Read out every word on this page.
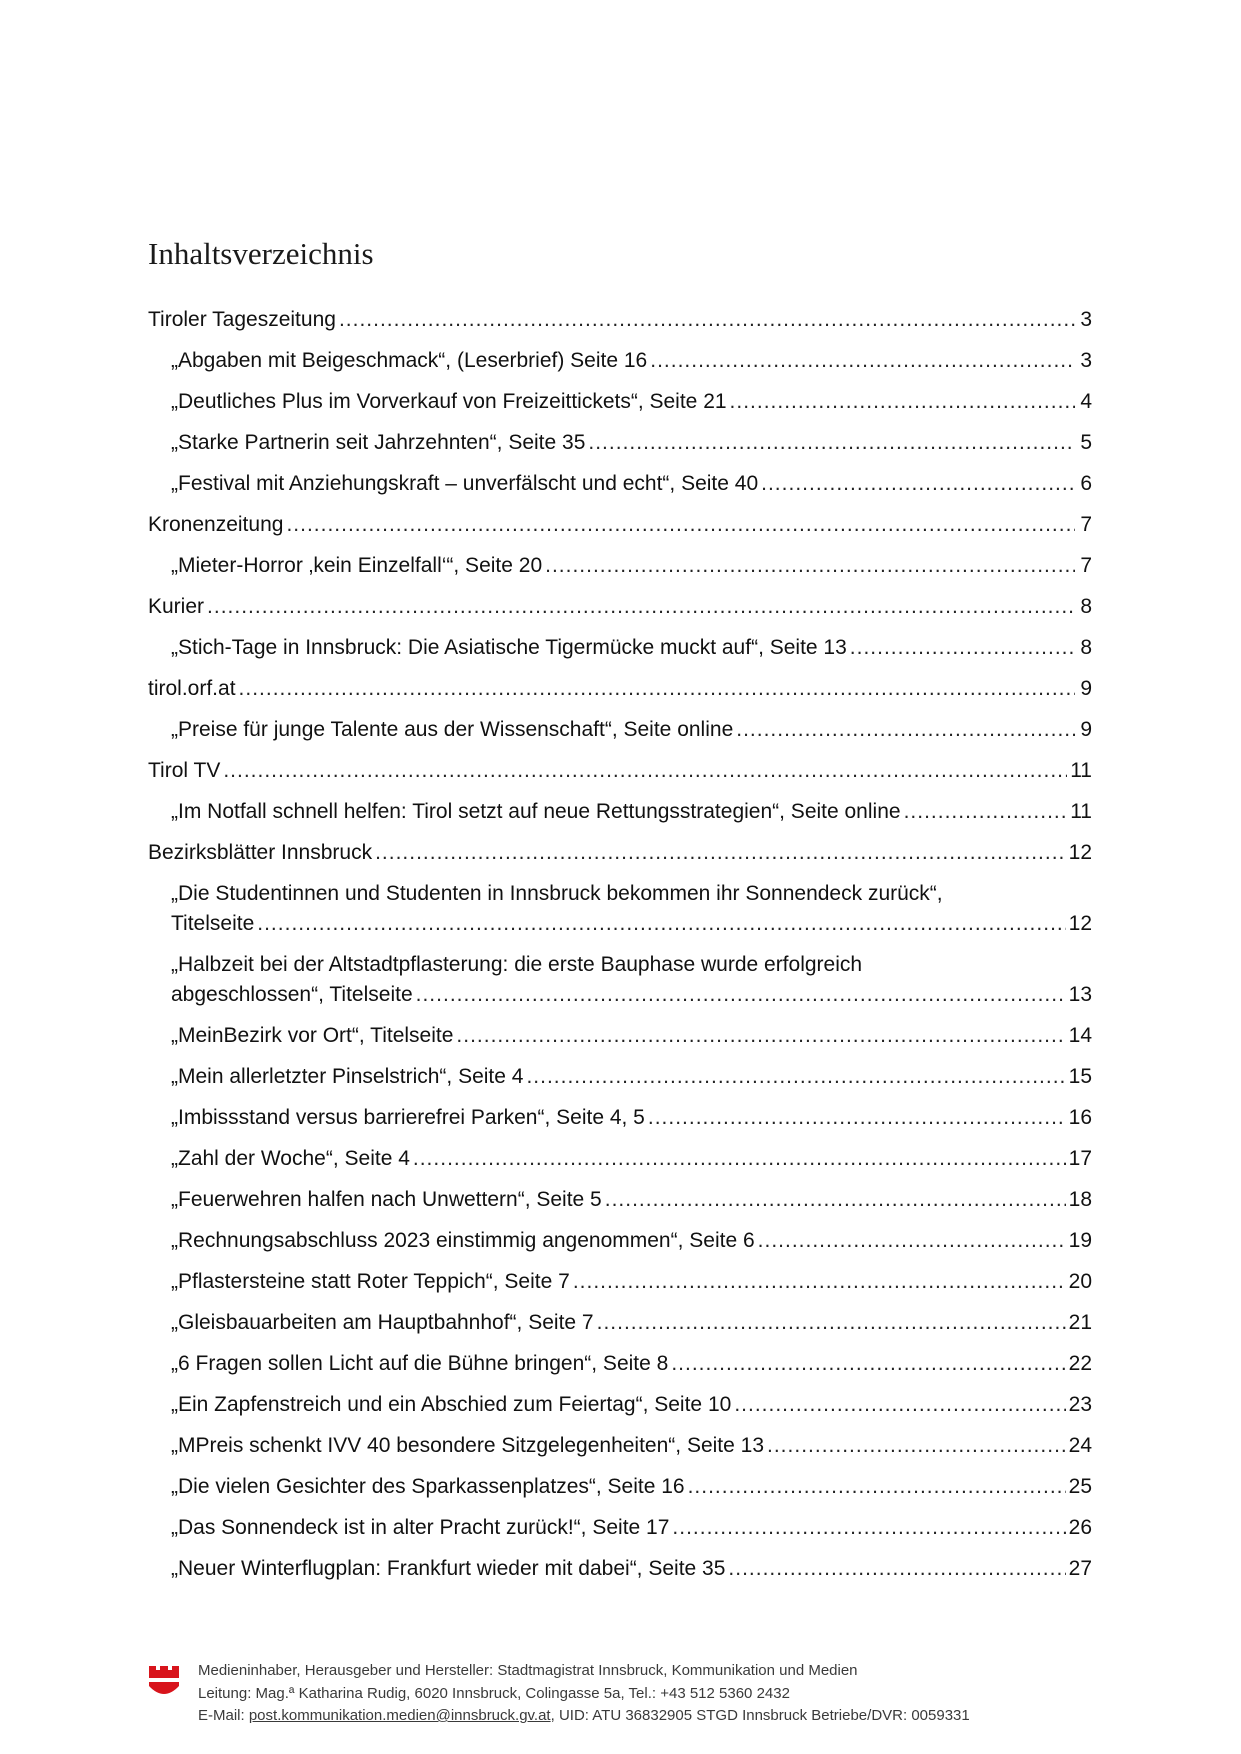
Inhaltsverzeichnis
Tiroler Tageszeitung .....	3
„Abgaben mit Beigeschmack“, (Leserbrief) Seite 16 .....	3
„Deutliches Plus im Vorverkauf von Freizeittickets“, Seite 21 .....	4
„Starke Partnerin seit Jahrzehnten“, Seite 35 .....	5
„Festival mit Anziehungskraft – unverfälscht und echt“, Seite 40 .....	6
Kronenzeitung .....	7
„Mieter-Horror ‚kein Einzelfall‘“, Seite 20 .....	7
Kurier .....	8
„Stich-Tage in Innsbruck: Die Asiatische Tigermücke muckt auf“, Seite 13 .....	8
tirol.orf.at .....	9
„Preise für junge Talente aus der Wissenschaft“, Seite online .....	9
Tirol TV .....	11
„Im Notfall schnell helfen: Tirol setzt auf neue Rettungsstrategien“, Seite online .....	11
Bezirksblätter Innsbruck .....	12
„Die Studentinnen und Studenten in Innsbruck bekommen ihr Sonnendeck zurück“,
Titelseite .....	12
„Halbzeit bei der Altstadtpflasterung: die erste Bauphase wurde erfolgreich
abgeschlossen“, Titelseite .....	13
„MeinBezirk vor Ort“, Titelseite .....	14
„Mein allerletzter Pinselstrich“, Seite 4 .....	15
„Imbissstand versus barrierefrei Parken“, Seite 4, 5 .....	16
„Zahl der Woche“, Seite 4 .....	17
„Feuerwehren halfen nach Unwettern“, Seite 5 .....	18
„Rechnungsabschluss 2023 einstimmig angenommen“, Seite 6 .....	19
„Pflastersteine statt Roter Teppich“, Seite 7 .....	20
„Gleisbauarbeiten am Hauptbahnhof“, Seite 7 .....	21
„6 Fragen sollen Licht auf die Bühne bringen“, Seite 8 .....	22
„Ein Zapfenstreich und ein Abschied zum Feiertag“, Seite 10 .....	23
„MPreis schenkt IVV 40 besondere Sitzgelegenheiten“, Seite 13 .....	24
„Die vielen Gesichter des Sparkassenplatzes“, Seite 16 .....	25
„Das Sonnendeck ist in alter Pracht zurück!“, Seite 17 .....	26
„Neuer Winterflugplan: Frankfurt wieder mit dabei“, Seite 35 .....	27
Medieninhaber, Herausgeber und Hersteller: Stadtmagistrat Innsbruck, Kommunikation und Medien
Leitung: Mag.ª Katharina Rudig, 6020 Innsbruck, Colingasse 5a, Tel.: +43 512 5360 2432
E-Mail: post.kommunikation.medien@innsbruck.gv.at, UID: ATU 36832905 STGD Innsbruck Betriebe/DVR: 0059331
